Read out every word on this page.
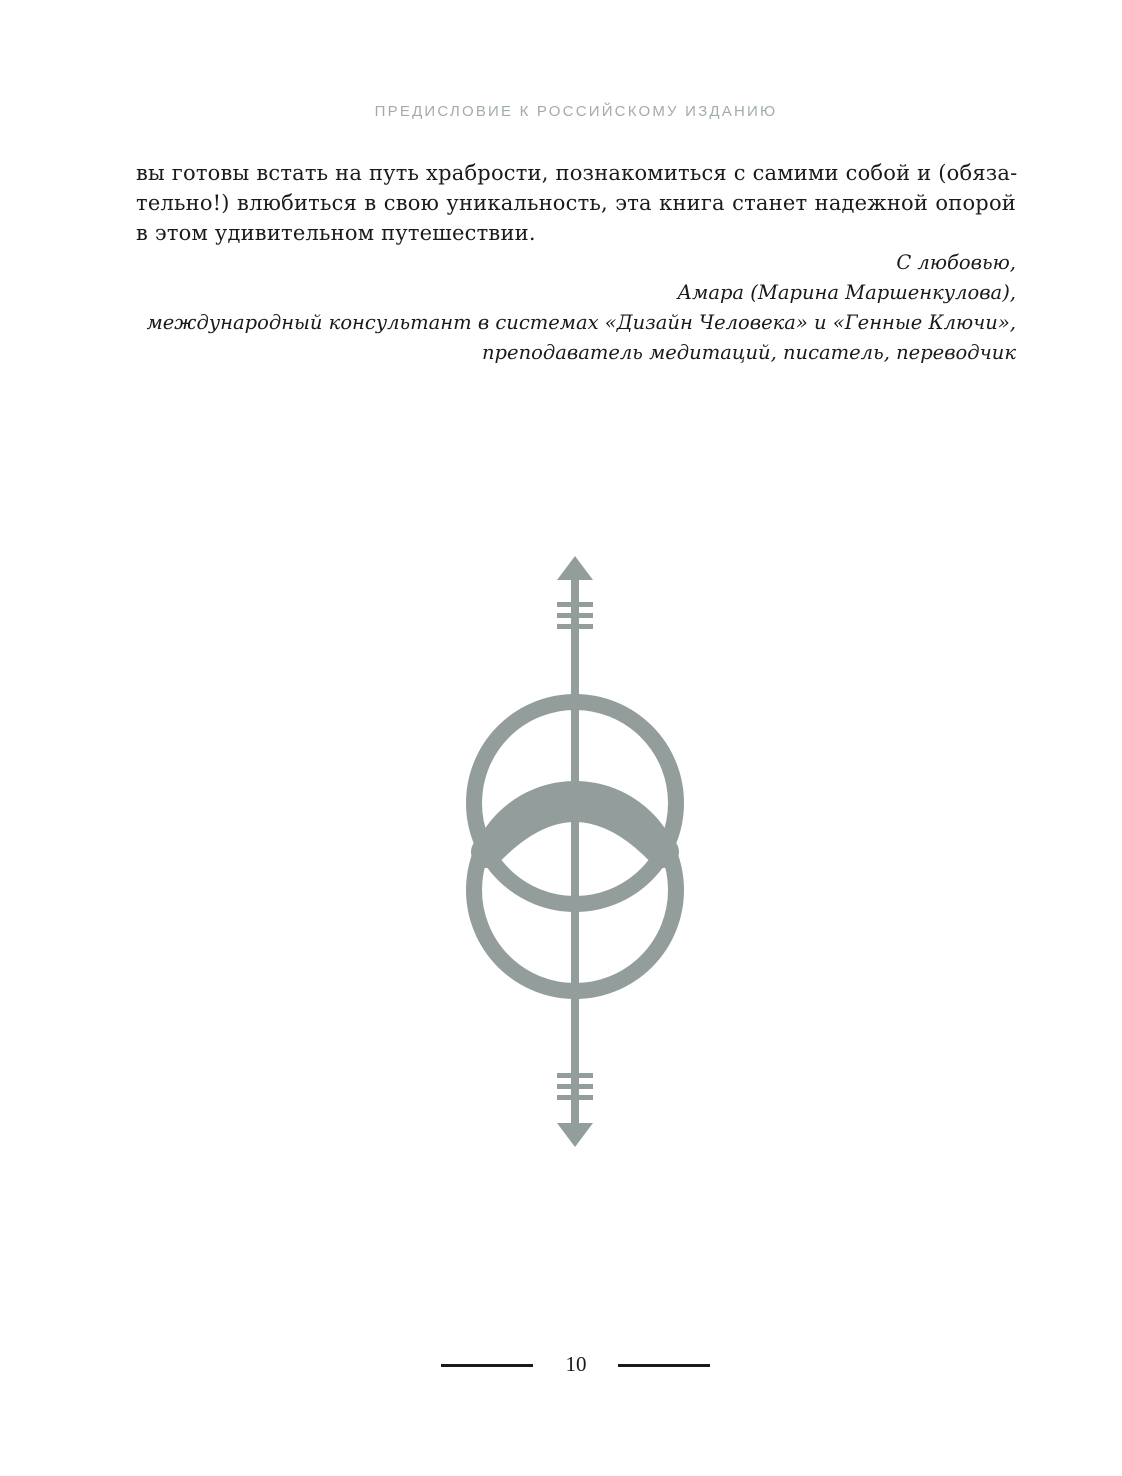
ПРЕДИСЛОВИЕ К РОССИЙСКОМУ ИЗДАНИЮ
вы готовы встать на путь храбрости, познакомиться с самими собой и (обяза-
тельно!) влюбиться в свою уникальность, эта книга станет надежной опорой
в этом удивительном путешествии.
С любовью,
Амара (Марина Маршенкулова),
международный консультант в системах «Дизайн Человека» и «Генные Ключи»,
преподаватель медитаций, писатель, переводчик
10
